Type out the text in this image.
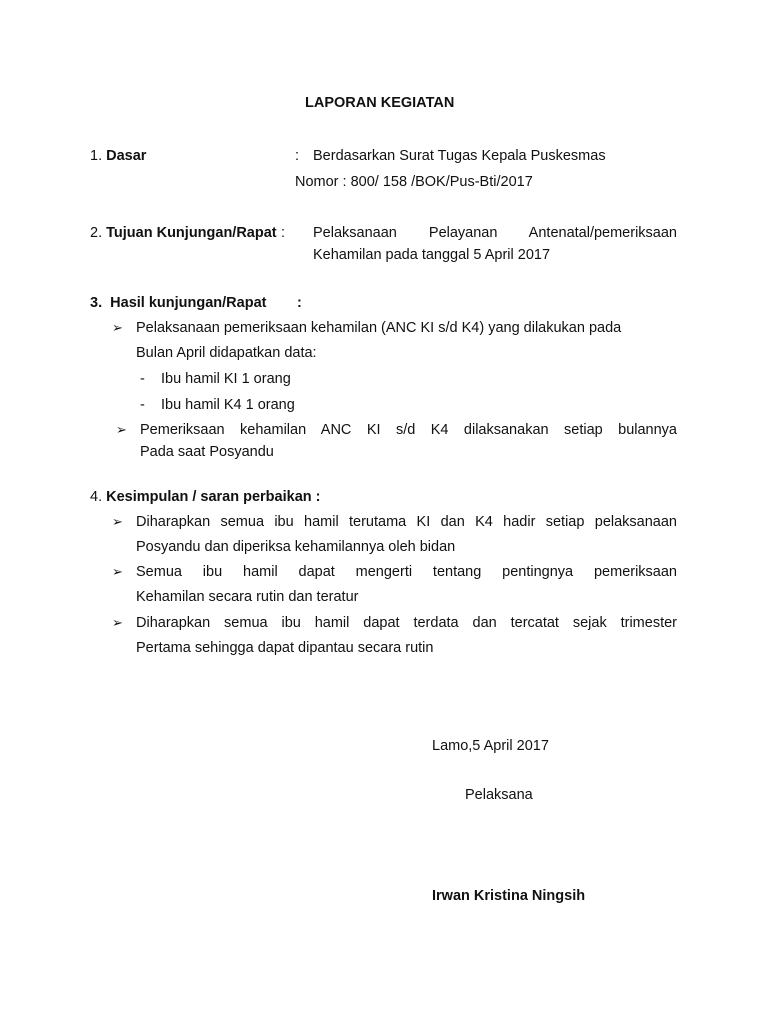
LAPORAN KEGIATAN
1. Dasar	: Berdasarkan Surat Tugas Kepala Puskesmas
Nomor : 800/ 158 /BOK/Pus-Bti/2017
2. Tujuan Kunjungan/Rapat : Pelaksanaan Pelayanan Antenatal/pemeriksaan
Kehamilan pada tanggal 5 April 2017
3. Hasil kunjungan/Rapat :
➢ Pelaksanaan pemeriksaan kehamilan (ANC KI s/d K4) yang dilakukan pada
Bulan April didapatkan data:
- Ibu hamil KI 1 orang
- Ibu hamil K4 1 orang
➢ Pemeriksaan kehamilan ANC KI s/d K4 dilaksanakan setiap bulannya
Pada saat Posyandu
4. Kesimpulan / saran perbaikan :
➢ Diharapkan semua ibu hamil terutama KI dan K4 hadir setiap pelaksanaan
Posyandu dan diperiksa kehamilannya oleh bidan
➢ Semua ibu hamil dapat mengerti tentang pentingnya pemeriksaan
Kehamilan secara rutin dan teratur
➢ Diharapkan semua ibu hamil dapat terdata dan tercatat sejak trimester
Pertama sehingga dapat dipantau secara rutin
Lamo,5 April 2017
Pelaksana
Irwan Kristina Ningsih
